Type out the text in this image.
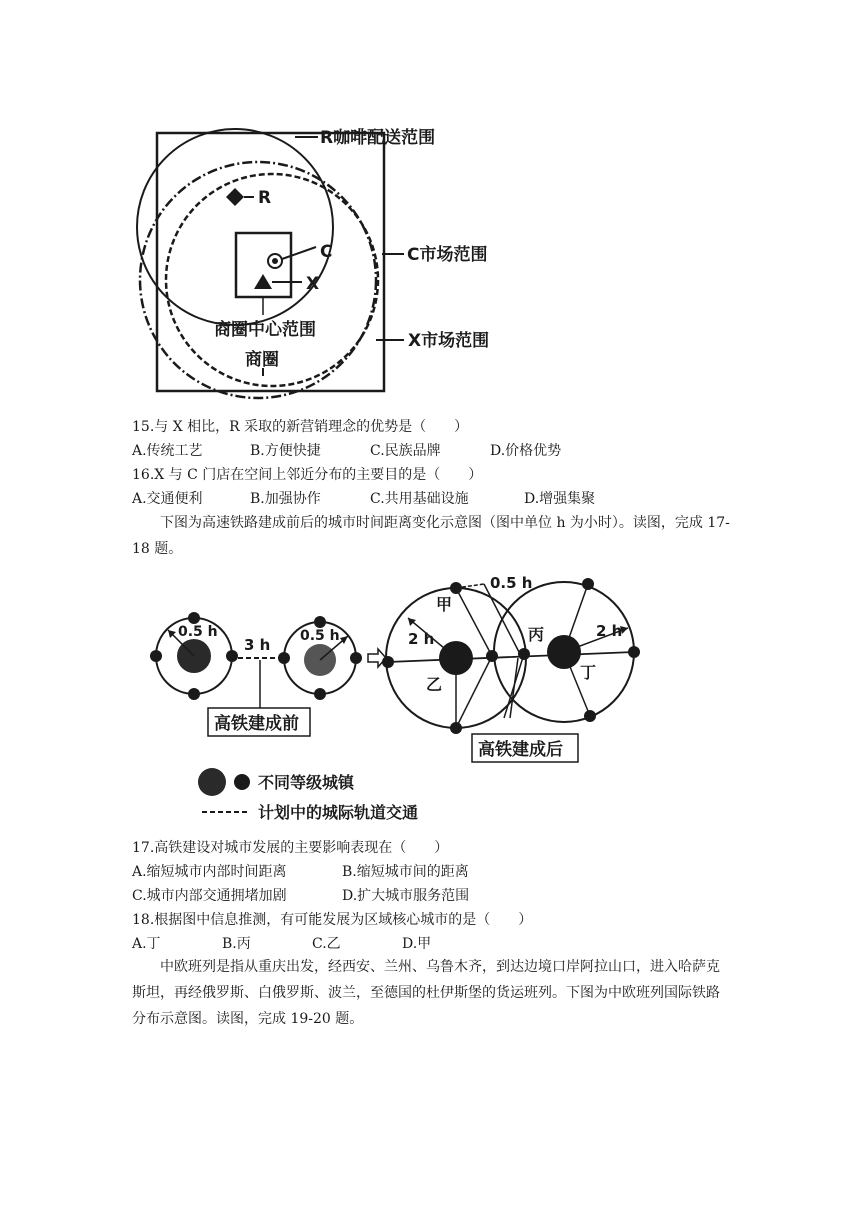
R咖啡配送范围
R
C
X
C市场范围
商圈中心范围
X市场范围
商圈
15.与 X 相比，R 采取的新营销理念的优势是（　　）
A.传统工艺	B.方便快捷	C.民族品牌	D.价格优势
16.X 与 C 门店在空间上邻近分布的主要目的是（　　）
A.交通便利	B.加强协作	C.共用基础设施	D.增强集聚
下图为高速铁路建成前后的城市时间距离变化示意图（图中单位 h 为小时）。读图，完成 17-18 题。
0.5 h
3 h 0.5 h
高铁建成前
0.5 h
2 h	2 h
甲
乙
丙
丁
高铁建成后
不同等级城镇
计划中的城际轨道交通
17.高铁建设对城市发展的主要影响表现在（　　）
A.缩短城市内部时间距离	B.缩短城市间的距离
C.城市内部交通拥堵加剧	D.扩大城市服务范围
18.根据图中信息推测，有可能发展为区域核心城市的是（　　）
A.丁	B.丙	C.乙	D.甲
中欧班列是指从重庆出发，经西安、兰州、乌鲁木齐，到达边境口岸阿拉山口，进入哈萨克斯坦，再经俄罗斯、白俄罗斯、波兰，至德国的杜伊斯堡的货运班列。下图为中欧班列国际铁路分布示意图。读图，完成 19-20 题。
